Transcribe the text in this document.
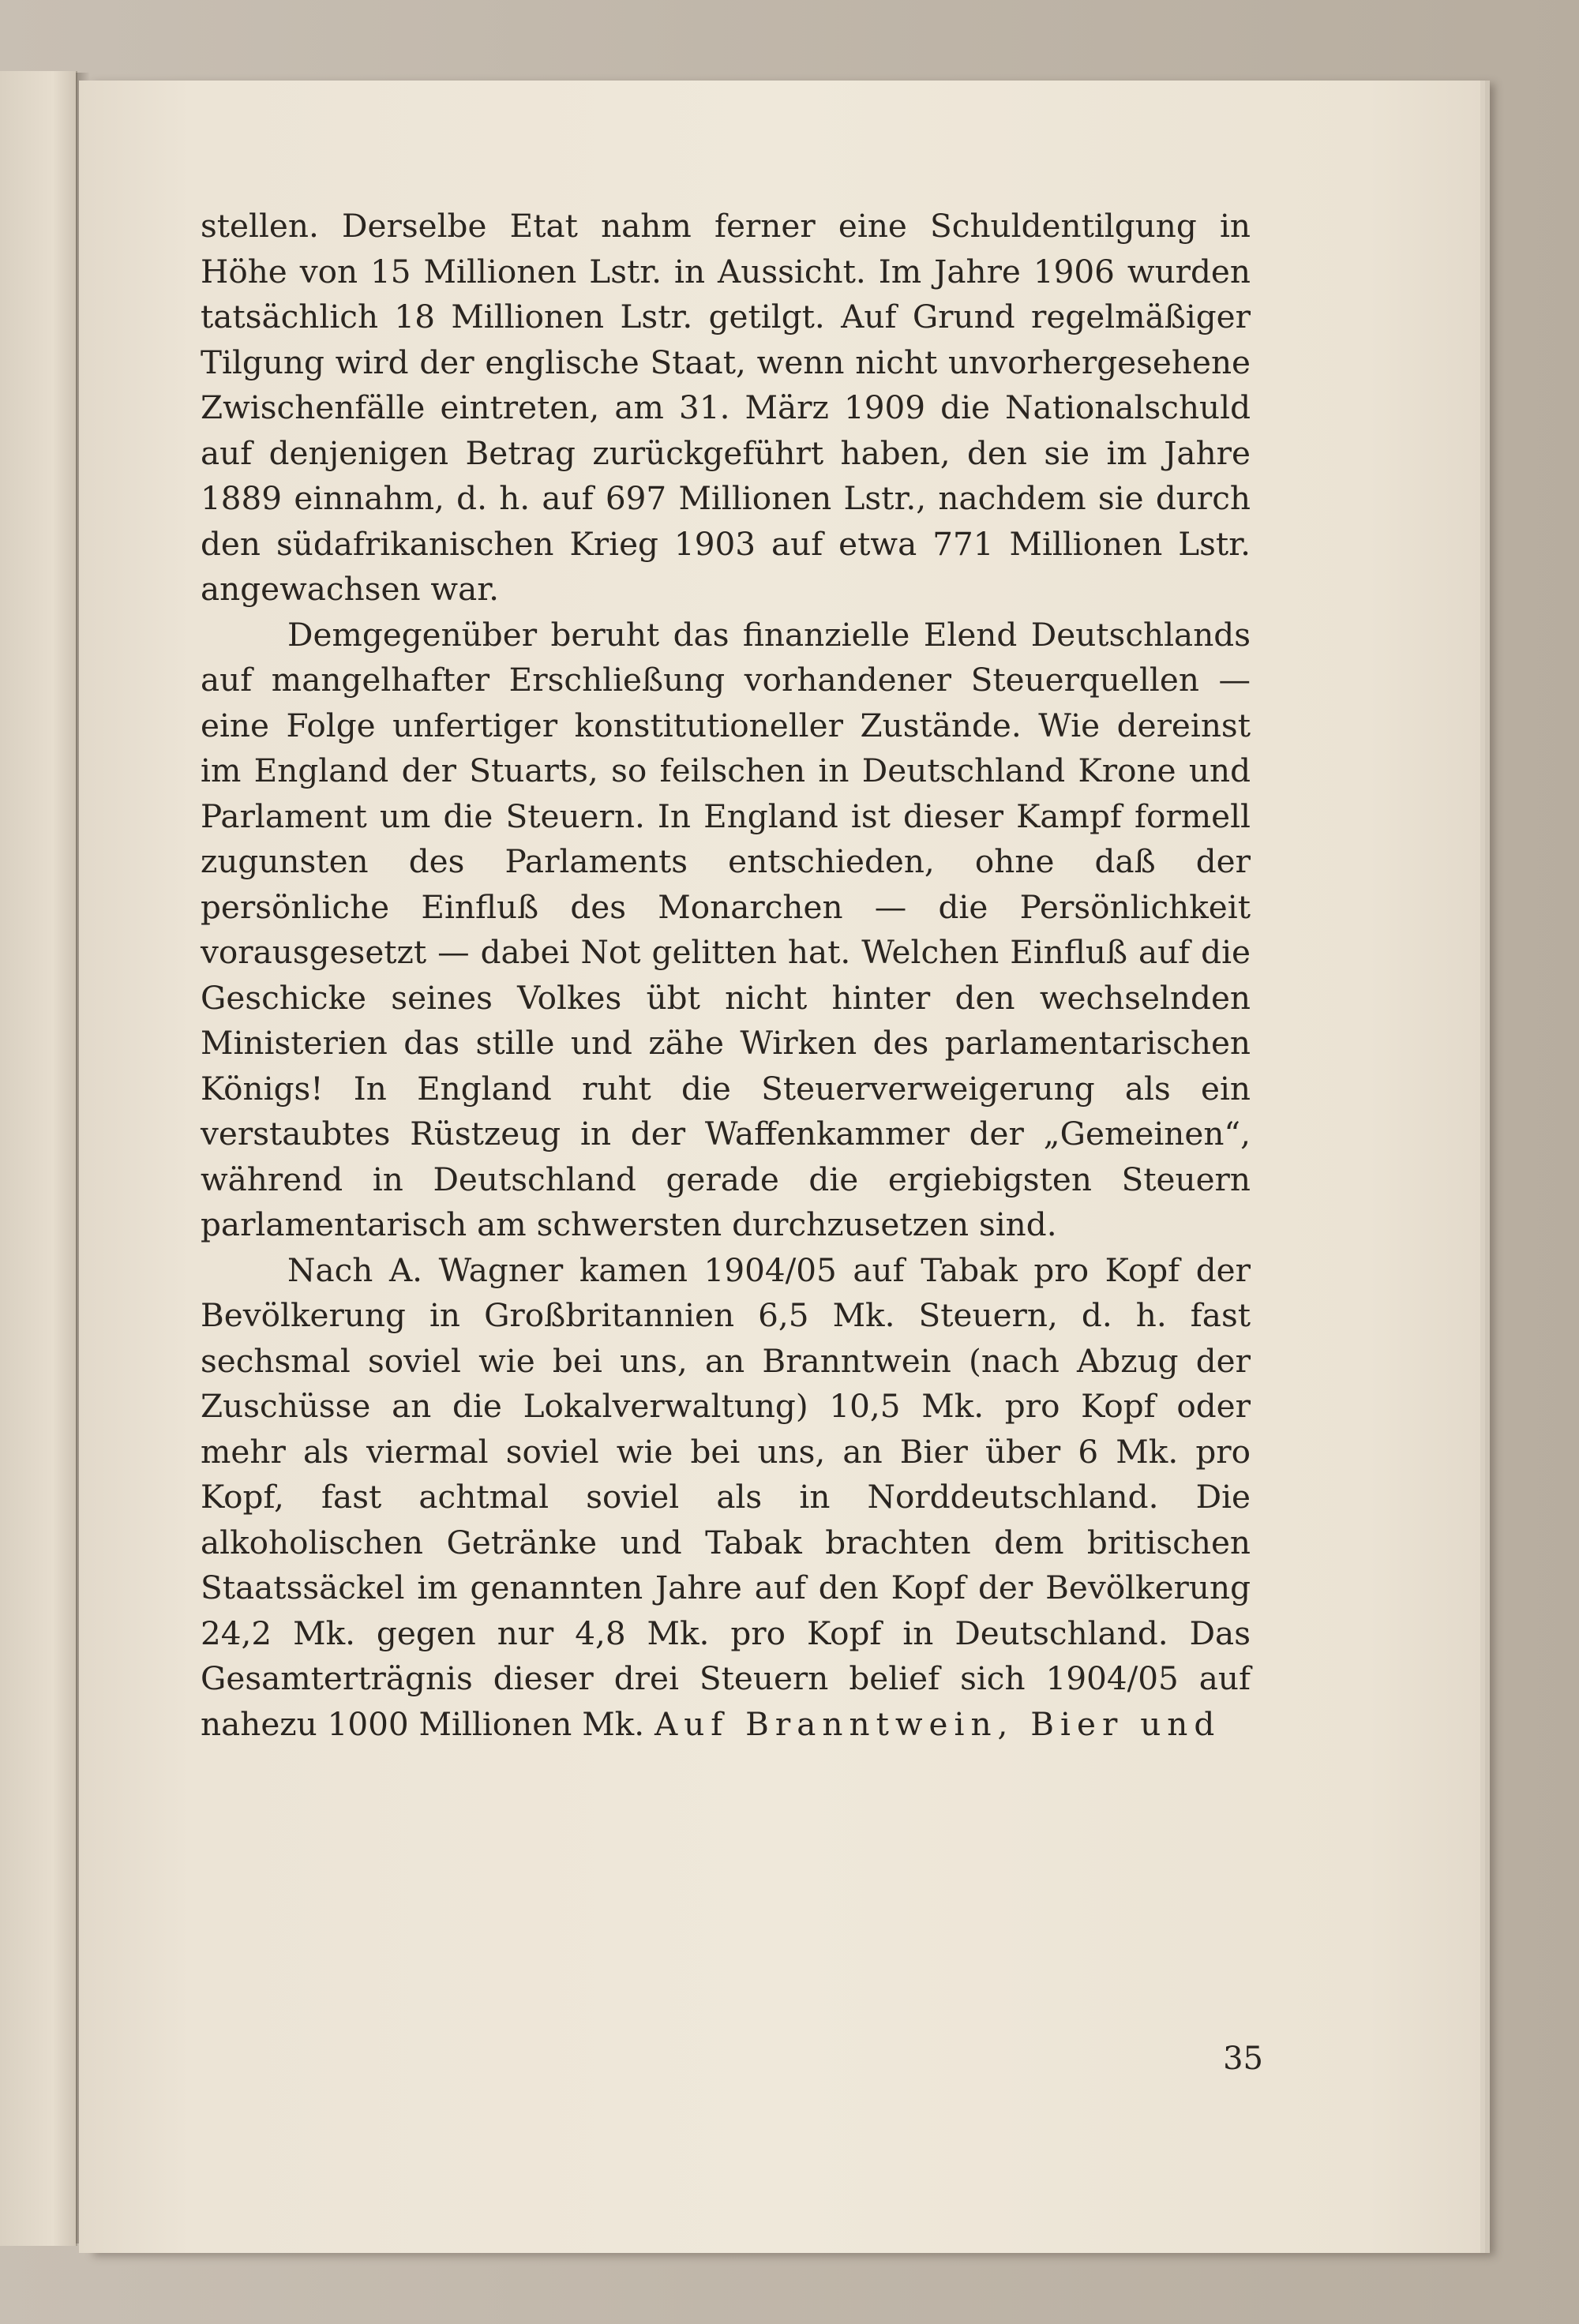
stellen. Derselbe Etat nahm ferner eine Schuldentilgung in Höhe von 15 Millionen Lstr. in Aussicht. Im Jahre 1906 wurden tatsächlich 18 Millionen Lstr. getilgt. Auf Grund regelmäßiger Tilgung wird der englische Staat, wenn nicht unvorhergesehene Zwischenfälle eintreten, am 31. März 1909 die Nationalschuld auf denjenigen Betrag zurückgeführt haben, den sie im Jahre 1889 einnahm, d. h. auf 697 Millionen Lstr., nachdem sie durch den südafrikanischen Krieg 1903 auf etwa 771 Millionen Lstr. angewachsen war.

Demgegenüber beruht das finanzielle Elend Deutschlands auf mangelhafter Erschließung vorhandener Steuerquellen — eine Folge unfertiger konstitutioneller Zustände. Wie dereinst im England der Stuarts, so feilschen in Deutschland Krone und Parlament um die Steuern. In England ist dieser Kampf formell zugunsten des Parlaments entschieden, ohne daß der persönliche Einfluß des Monarchen — die Persönlichkeit vorausgesetzt — dabei Not gelitten hat. Welchen Einfluß auf die Geschicke seines Volkes übt nicht hinter den wechselnden Ministerien das stille und zähe Wirken des parlamentarischen Königs! In England ruht die Steuerverweigerung als ein verstaubtes Rüstzeug in der Waffenkammer der „Gemeinen“, während in Deutschland gerade die ergiebigsten Steuern parlamentarisch am schwersten durchzusetzen sind.

Nach A. Wagner kamen 1904/05 auf Tabak pro Kopf der Bevölkerung in Großbritannien 6,5 Mk. Steuern, d. h. fast sechsmal soviel wie bei uns, an Branntwein (nach Abzug der Zuschüsse an die Lokalverwaltung) 10,5 Mk. pro Kopf oder mehr als viermal soviel wie bei uns, an Bier über 6 Mk. pro Kopf, fast achtmal soviel als in Norddeutschland. Die alkoholischen Getränke und Tabak brachten dem britischen Staatssäckel im genannten Jahre auf den Kopf der Bevölkerung 24,2 Mk. gegen nur 4,8 Mk. pro Kopf in Deutschland. Das Gesamterträgnis dieser drei Steuern belief sich 1904/05 auf nahezu 1000 Millionen Mk. Auf Branntwein, Bier und

35
